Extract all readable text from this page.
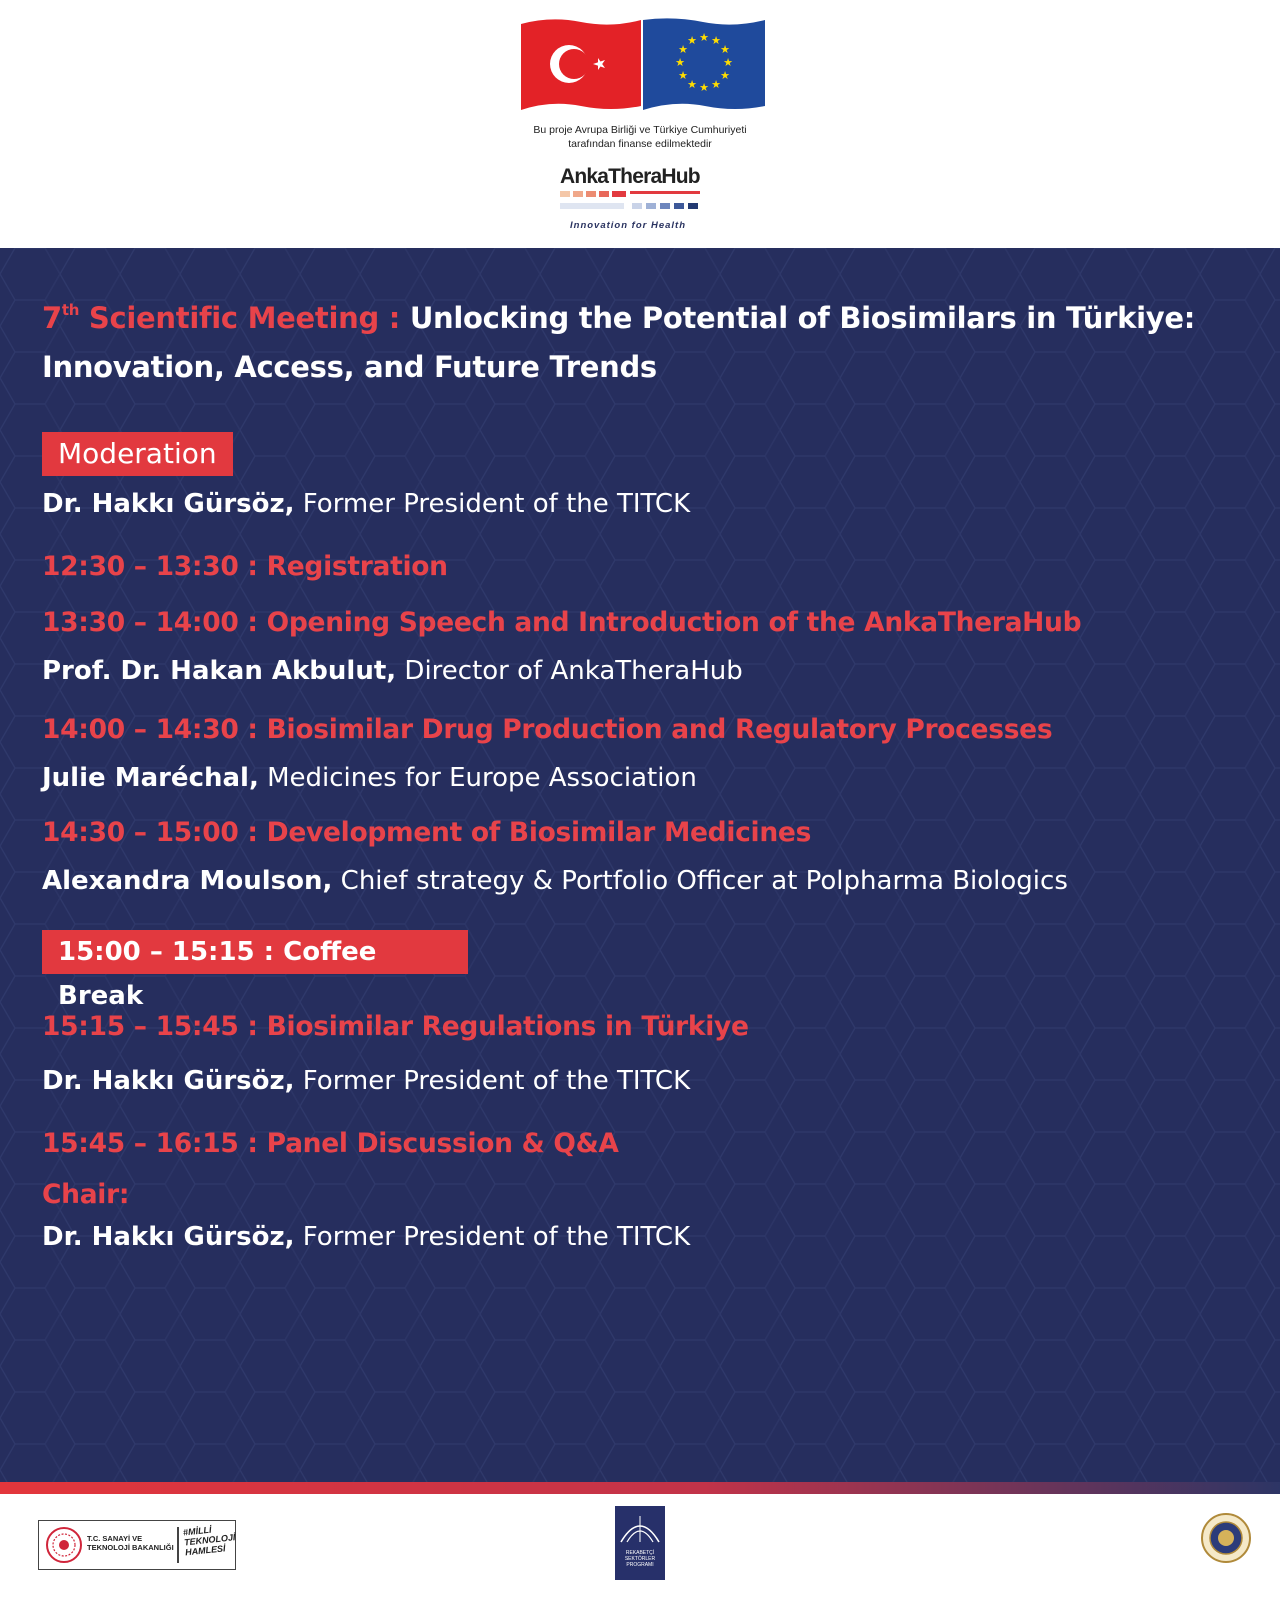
★ ★
★
★
★
★
★
★
★
★
★
★
Bu proje Avrupa Birliği ve Türkiye Cumhuriyeti
tarafından finanse edilmektedir
AnkaTheraHub
Innovation for Health
7th Scientific Meeting : Unlocking the Potential of Biosimilars in Türkiye:
Innovation, Access, and Future Trends
Moderation
Dr. Hakkı Gürsöz, Former President of the TITCK
12:30 – 13:30 : Registration
13:30 – 14:00 : Opening Speech and Introduction of the AnkaTheraHub
Prof. Dr. Hakan Akbulut, Director of AnkaTheraHub
14:00 – 14:30 : Biosimilar Drug Production and Regulatory Processes
Julie Maréchal, Medicines for Europe Association
14:30 – 15:00 : Development of Biosimilar Medicines
Alexandra Moulson, Chief strategy & Portfolio Officer at Polpharma Biologics
15:00 – 15:15 : Coffee Break
15:15 – 15:45 : Biosimilar Regulations in Türkiye
Dr. Hakkı Gürsöz, Former President of the TITCK
15:45 – 16:15 : Panel Discussion & Q&A
Chair:
Dr. Hakkı Gürsöz, Former President of the TITCK
T.C. SANAYİ VE
TEKNOLOJİ BAKANLIĞI
#MİLLİ TEKNOLOJİ HAMLESİ	REKABETÇİ
SEKTÖRLER
PROGRAMI
